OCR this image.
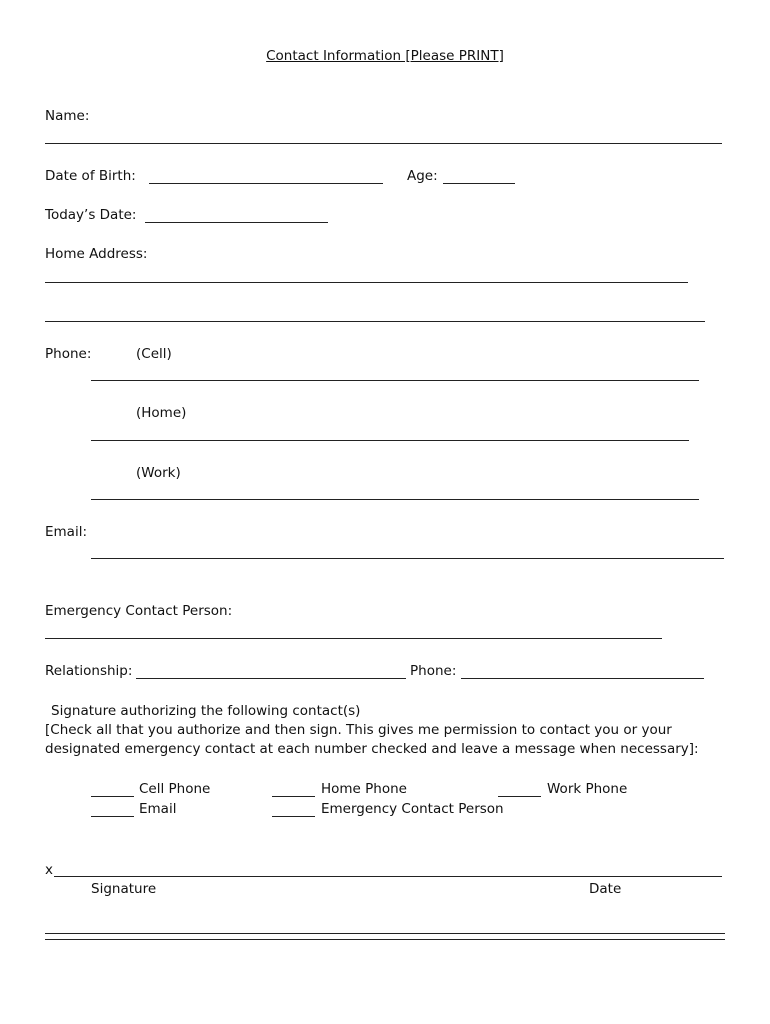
Contact Information [Please PRINT]
Name:
Date of Birth:	Age:
Today’s Date:
Home Address:
Phone:	(Cell)
(Home)
(Work)
Email:
Emergency Contact Person:
Relationship:	Phone:
Signature authorizing the following contact(s)
[Check all that you authorize and then sign. This gives me permission to contact you or your
designated emergency contact at each number checked and leave a message when necessary]:
Cell Phone	Home Phone	Work Phone
Email	Emergency Contact Person
x
Signature	Date
